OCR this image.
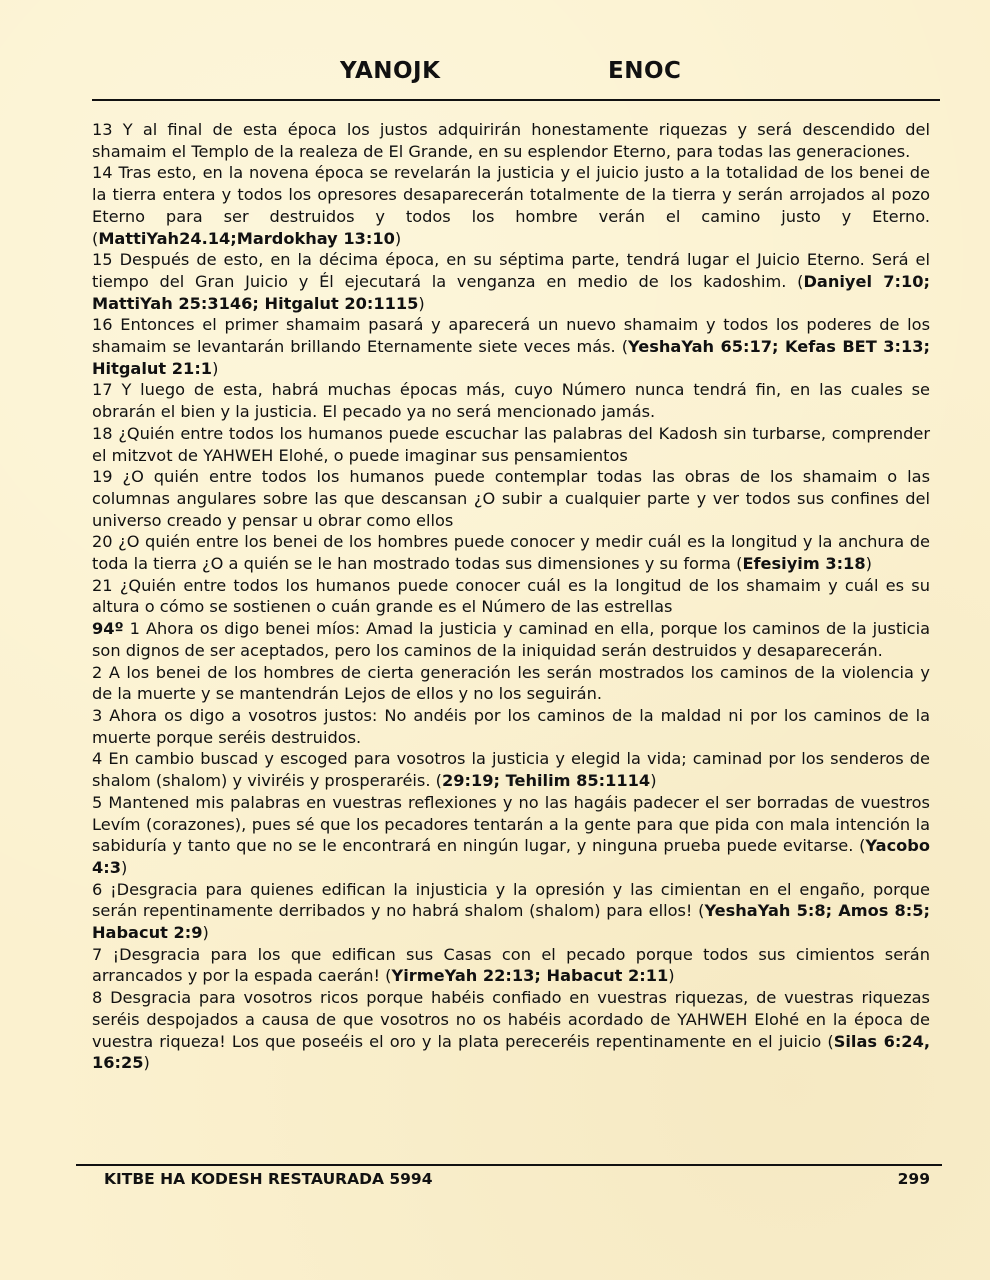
YANOJK	ENOC

13 Y al final de esta época los justos adquirirán honestamente riquezas y será descendido del shamaim el Templo de la realeza de El Grande, en su esplendor Eterno, para todas las generaciones.

14 Tras esto, en la novena época se revelarán la justicia y el juicio justo a la totalidad de los benei de la tierra entera y todos los opresores desaparecerán totalmente de la tierra y serán arrojados al pozo Eterno para ser destruidos y todos los hombre verán el camino justo y Eterno.(MattiYah24.14;Mardokhay 13:10)

15 Después de esto, en la décima época, en su séptima parte, tendrá lugar el Juicio Eterno. Será el tiempo del Gran Juicio y Él ejecutará la venganza en medio de los kadoshim. (Daniyel 7:10; MattiYah 25:3146; Hitgalut 20:1115)

16 Entonces el primer shamaim pasará y aparecerá un nuevo shamaim y todos los poderes de los shamaim se levantarán brillando Eternamente siete veces más. (YeshaYah 65:17; Kefas BET 3:13; Hitgalut 21:1)

17 Y luego de esta, habrá muchas épocas más, cuyo Número nunca tendrá fin, en las cuales se obrarán el bien y la justicia. El pecado ya no será mencionado jamás.

18 ¿Quién entre todos los humanos puede escuchar las palabras del Kadosh sin turbarse, comprender el mitzvot de YAHWEH Elohé, o puede imaginar sus pensamientos

19 ¿O quién entre todos los humanos puede contemplar todas las obras de los shamaim o las columnas angulares sobre las que descansan ¿O subir a cualquier parte y ver todos sus confines del universo creado y pensar u obrar como ellos

20 ¿O quién entre los benei de los hombres puede conocer y medir cuál es la longitud y la anchura de toda la tierra ¿O a quién se le han mostrado todas sus dimensiones y su forma (Efesiyim 3:18)

21 ¿Quién entre todos los humanos puede conocer cuál es la longitud de los shamaim y cuál es su altura o cómo se sostienen o cuán grande es el Número de las estrellas

94º 1 Ahora os digo benei míos: Amad la justicia y caminad en ella, porque los caminos de la justicia son dignos de ser aceptados, pero los caminos de la iniquidad serán destruidos y desaparecerán.

2 A los benei de los hombres de cierta generación les serán mostrados los caminos de la violencia y de la muerte y se mantendrán Lejos de ellos y no los seguirán.

3 Ahora os digo a vosotros justos: No andéis por los caminos de la maldad ni por los caminos de la muerte porque seréis destruidos.

4 En cambio buscad y escoged para vosotros la justicia y elegid la vida; caminad por los senderos de shalom (shalom) y viviréis y prosperaréis. (29:19; Tehilim 85:1114)

5 Mantened mis palabras en vuestras reflexiones y no las hagáis padecer el ser borradas de vuestros Levím (corazones), pues sé que los pecadores tentarán a la gente para que pida con mala intención la sabiduría y tanto que no se le encontrará en ningún lugar, y ninguna prueba puede evitarse. (Yacobo 4:3)

6 ¡Desgracia para quienes edifican la injusticia y la opresión y las cimientan en el engaño, porque serán repentinamente derribados y no habrá shalom (shalom) para ellos! (YeshaYah 5:8; Amos 8:5; Habacut 2:9)

7 ¡Desgracia para los que edifican sus Casas con el pecado porque todos sus cimientos serán arrancados y por la espada caerán! (YirmeYah 22:13; Habacut 2:11)

8 Desgracia para vosotros ricos porque habéis confiado en vuestras riquezas, de vuestras riquezas seréis despojados a causa de que vosotros no os habéis acordado de YAHWEH Elohé en la época de vuestra riqueza! Los que poseéis el oro y la plata pereceréis repentinamente en el juicio (Silas 6:24, 16:25)

KITBE HA KODESH RESTAURADA 5994	299
